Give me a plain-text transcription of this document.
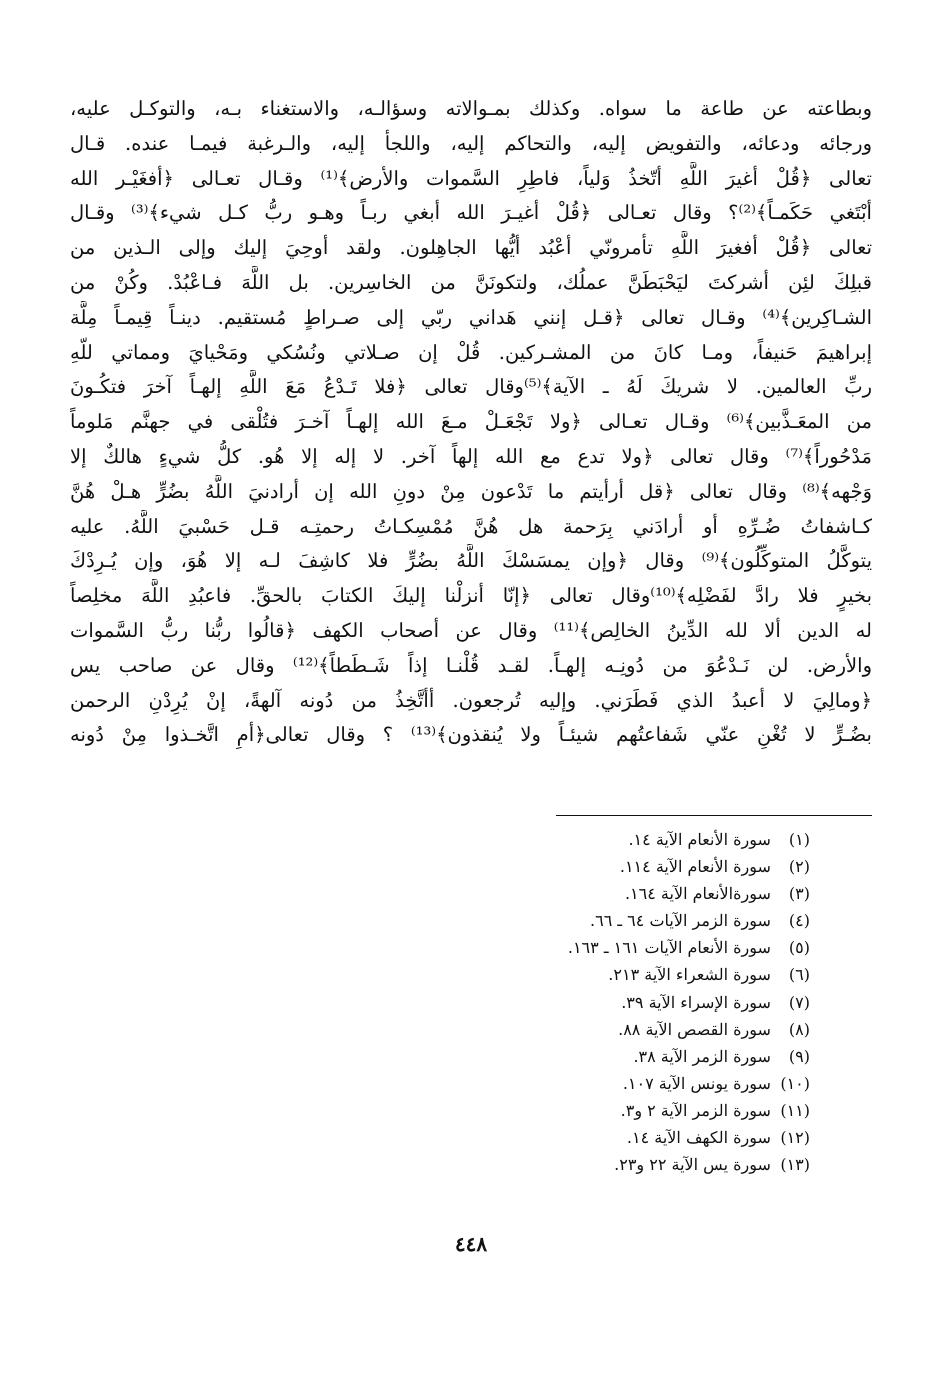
وبطاعته عن طاعة ما سواه. وكذلك بمـوالاته وسؤالـه، والاستغناء بـه، والتوكـل عليه،
ورجائه ودعائه، والتفويض إليه، والتحاكم إليه، واللجأ إليه، والـرغبة فيمـا عنده. قـال
تعالى ﴿قُلْ أغيرَ اللَّهِ أتّخذُ وَلياً، فاطِرِ السَّموات والأرض﴾⁽¹⁾ وقـال تعـالى ﴿أفغَيْـر الله
أبْتَغي حَكَمـاً﴾⁽²⁾؟ وقال تعـالى ﴿قُلْ أغيـرَ الله أبغي ربـاً وهـو ربُّ كـل شيء﴾⁽³⁾ وقـال
تعالى ﴿قُلْ أفغيرَ اللَّهِ تأمرونّي أعْبُد أيُّها الجاهِلون. ولقد أوحِيَ إليك وإلى الـذين من
قبلِكَ لئِن أشركتَ ليَحْبَطَنَّ عملُك، ولتكونَنَّ من الخاسِرين. بل اللَّهَ فـاعْبُدْ. وكُنْ من
الشـاكِرين﴾⁽⁴⁾ وقـال تعالى ﴿قـل إنني هَداني ربّي إلى صـراطٍ مُستقيم. دينـاً قِيمـاً مِلَّة
إبراهيمَ حَنيفاً، ومـا كانَ من المشـركين. قُلْ إن صـلاتي ونُسُكي ومَحْيايَ ومماتي للّهِ
ربِّ العالمين. لا شريكَ لَهُ ـ الآية﴾⁽⁵⁾وقال تعالى ﴿فلا تَـدْعُ مَعَ اللَّهِ إلهـاً آخرَ فتكُـونَ
من المعَـذَّبين﴾⁽⁶⁾ وقـال تعـالى ﴿ولا تَجْعَـلْ مـعَ الله إلهـاً آخـرَ فتُلْقى في جهنَّم مَلوماً
مَدْحُوراً﴾⁽⁷⁾ وقال تعالى ﴿ولا تدع مع الله إلهاً آخر. لا إله إلا هُو. كلُّ شيءٍ هالكٌ إلا
وَجْهه﴾⁽⁸⁾ وقال تعالى ﴿قل أرأيتم ما تَدْعون مِنْ دونِ الله إن أرادنيَ اللَّهُ بضُرٍّ هـلْ هُنَّ
كـاشفاتُ ضُـرِّهِ أو أرادَني بِرَحمة هل هُنَّ مُمْسِكـاتُ رحمتِـه قـل حَسْبيَ اللَّهُ. عليه
يتوكَّلُ المتوكِّلُون﴾⁽⁹⁾ وقال ﴿وإن يمسَسْكَ اللَّهُ بضُرٍّ فلا كاشِفَ لـه إلا هُوَ، وإن يُـرِدْكَ
بخيرٍ فلا رادَّ لفَضْلِه﴾⁽¹⁰⁾وقال تعالى ﴿إنّا أنزلْنا إليكَ الكتابَ بالحقِّ. فاعبُدِ اللَّهَ مخلِصاً
له الدين ألا لله الدِّينُ الخالِص﴾⁽¹¹⁾ وقال عن أصحاب الكهف ﴿قالُوا ربُّنا ربُّ السَّموات
والأرض. لن نَـدْعُوَ من دُونِـه إلهـاً. لقـد قُلْنـا إذاً شَـطَطاً﴾⁽¹²⁾ وقال عن صاحب يس
﴿ومالِيَ لا أعبدُ الذي فَطَرَني. وإليه تُرجعون. أأتَّخِذُ من دُونه آلهةً، إنْ يُرِدْنِ الرحمن
بضُـرٍّ لا تُغْنِ عنّي شَفاعتُهم شيئـاً ولا يُنقذون﴾⁽¹³⁾ ؟ وقال تعالى﴿أمِ اتَّخـذوا مِنْ دُونه
(١) سورة الأنعام الآية ١٤.
(٢) سورة الأنعام الآية ١١٤.
(٣) سورةالأنعام الآية ١٦٤.
(٤) سورة الزمر الآيات ٦٤ ـ ٦٦.
(٥) سورة الأنعام الآيات ١٦١ ـ ١٦٣.
(٦) سورة الشعراء الآية ٢١٣.
(٧) سورة الإسراء الآية ٣٩.
(٨) سورة القصص الآية ٨٨.
(٩) سورة الزمر الآية ٣٨.
(١٠) سورة يونس الآية ١٠٧.
(١١) سورة الزمر الآية ٢ و٣.
(١٢) سورة الكهف الآية ١٤.
(١٣) سورة يس الآية ٢٢ و٢٣.
٤٤٨
